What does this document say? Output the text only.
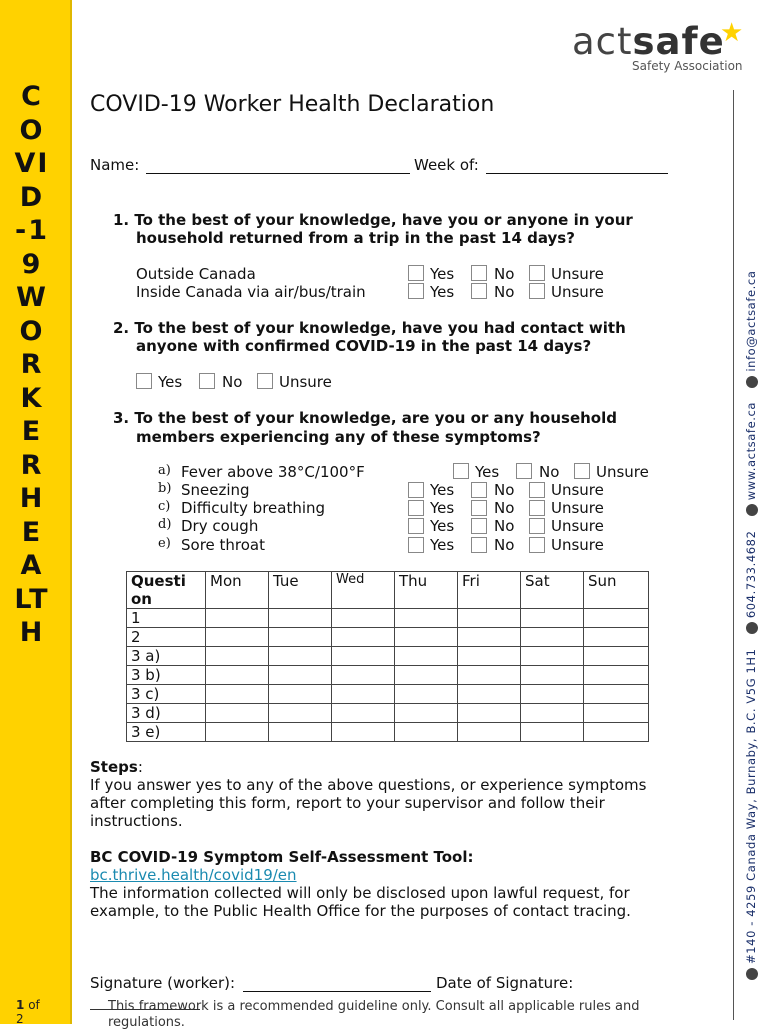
COVID-19 WORKER HEALTH
1 of
2
actsafe
★
Safety Association
#140 - 4259 Canada Way, Burnaby, B.C. V5G 1H1 604.733.4682 www.actsafe.ca info@actsafe.ca
COVID-19 Worker Health Declaration
Name:	Week of:
1. To the best of your knowledge, have you or anyone in your
household returned from a trip in the past 14 days?
Outside Canada
Inside Canada via air/bus/train
Yes	No Unsure
Yes	No Unsure
2. To the best of your knowledge, have you had contact with
anyone with confirmed COVID-19 in the past 14 days?
Yes	No Unsure
3. To the best of your knowledge, are you or any household
members experiencing any of these symptoms?
a) Fever above 38°C/100°F
b) Sneezing
c) Difficulty breathing
d) Dry cough
e) Sore throat
Yes	No Unsure
Yes	No Unsure
Yes	No Unsure
Yes	No Unsure
Yes	No Unsure
Questi
on	Mon	Tue	Wed	Thu	Fri	Sat	Sun
1							
2							
3 a)							
3 b)							
3 c)							
3 d)							
3 e)							
Steps:
If you answer yes to any of the above questions, or experience symptoms
after completing this form, report to your supervisor and follow their
instructions.
BC COVID-19 Symptom Self-Assessment Tool:
bc.thrive.health/covid19/en
The information collected will only be disclosed upon lawful request, for
example, to the Public Health Office for the purposes of contact tracing.
Signature (worker):	Date of Signature:
This framework is a recommended guideline only. Consult all applicable rules and
regulations.
